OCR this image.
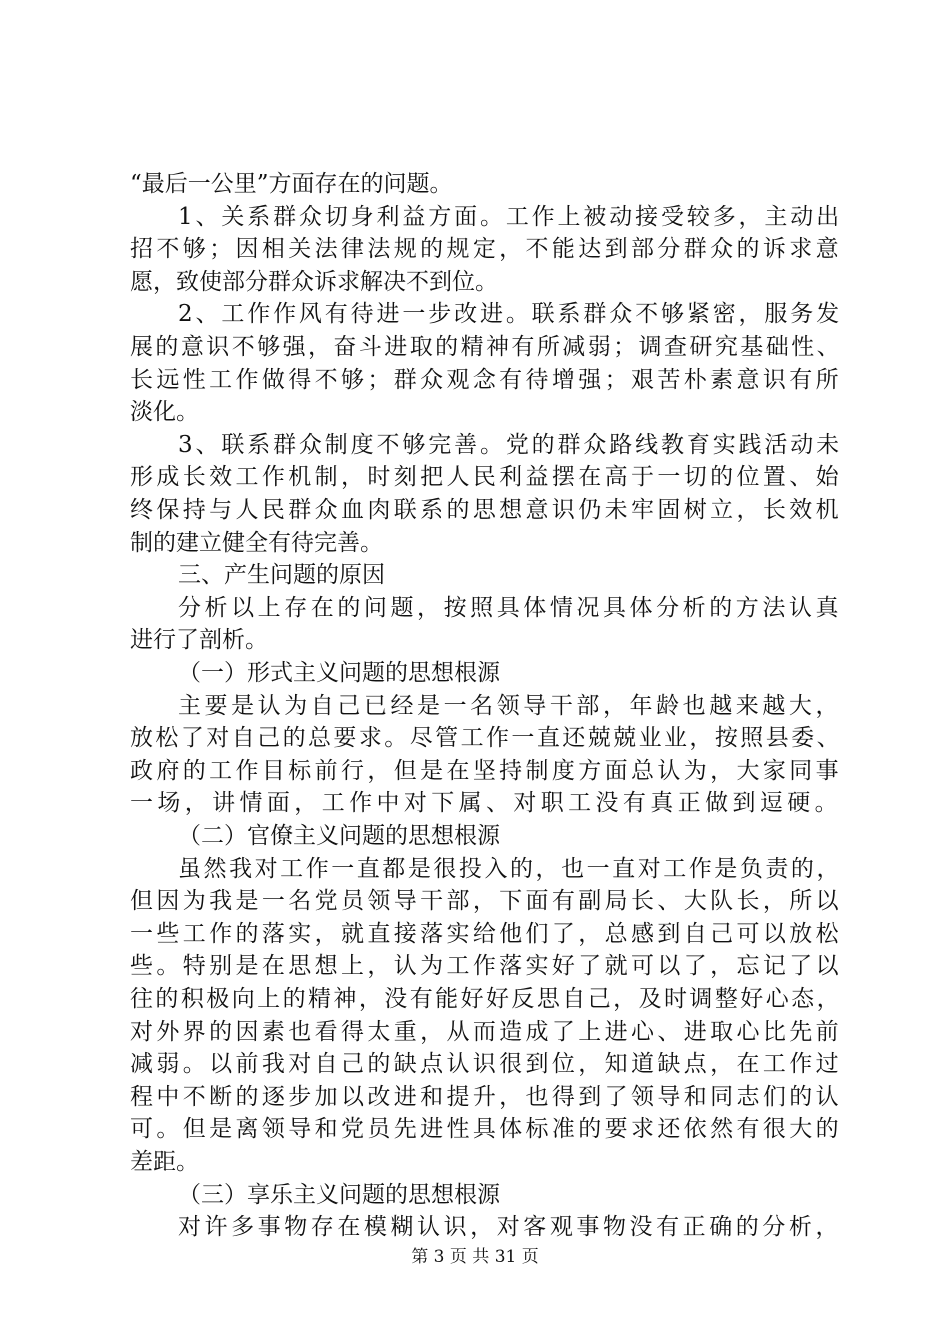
“最后一公里”方面存在的问题。
1、关系群众切身利益方面。工作上被动接受较多，主动出
招不够；因相关法律法规的规定，不能达到部分群众的诉求意
愿，致使部分群众诉求解决不到位。
2、工作作风有待进一步改进。联系群众不够紧密，服务发
展的意识不够强，奋斗进取的精神有所减弱；调查研究基础性、
长远性工作做得不够；群众观念有待增强；艰苦朴素意识有所
淡化。
3、联系群众制度不够完善。党的群众路线教育实践活动未
形成长效工作机制，时刻把人民利益摆在高于一切的位置、始
终保持与人民群众血肉联系的思想意识仍未牢固树立，长效机
制的建立健全有待完善。
三、产生问题的原因
分析以上存在的问题，按照具体情况具体分析的方法认真
进行了剖析。
（一）形式主义问题的思想根源
主要是认为自己已经是一名领导干部，年龄也越来越大，
放松了对自己的总要求。尽管工作一直还兢兢业业，按照县委、
政府的工作目标前行，但是在坚持制度方面总认为，大家同事
一场，讲情面，工作中对下属、对职工没有真正做到逗硬。
（二）官僚主义问题的思想根源
虽然我对工作一直都是很投入的，也一直对工作是负责的，
但因为我是一名党员领导干部，下面有副局长、大队长，所以
一些工作的落实，就直接落实给他们了，总感到自己可以放松
些。特别是在思想上，认为工作落实好了就可以了，忘记了以
往的积极向上的精神，没有能好好反思自己，及时调整好心态，
对外界的因素也看得太重，从而造成了上进心、进取心比先前
减弱。以前我对自己的缺点认识很到位，知道缺点，在工作过
程中不断的逐步加以改进和提升，也得到了领导和同志们的认
可。但是离领导和党员先进性具体标准的要求还依然有很大的
差距。
（三）享乐主义问题的思想根源
对许多事物存在模糊认识，对客观事物没有正确的分析，
第 3 页 共 31 页
